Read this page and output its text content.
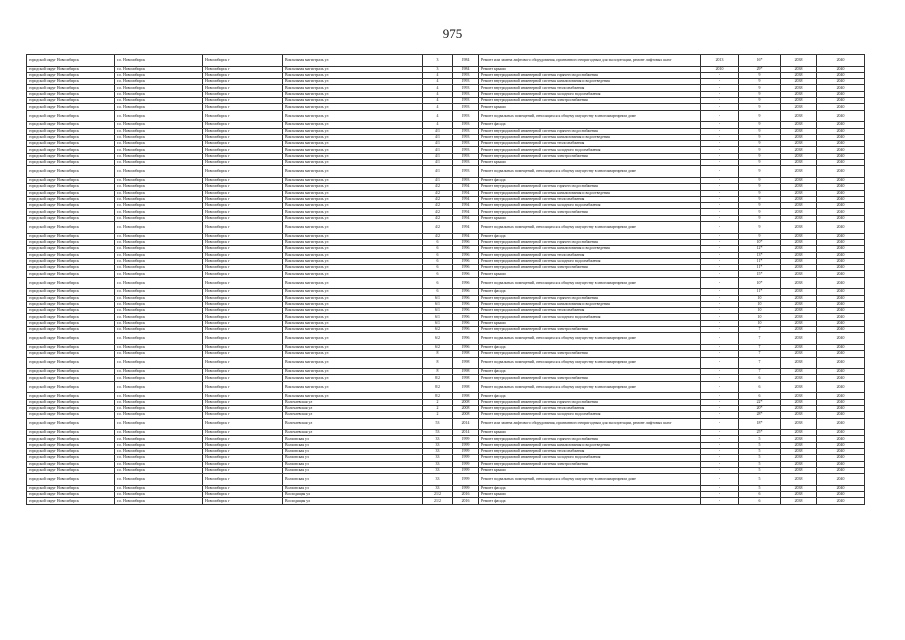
975
городской округ Новосибирск	г.о. Новосибирск	Новосибирск г	Вокзальная магистраль ул	3	1984	Ремонт или замена лифтового оборудования, признанного непригодным для эксплуатации, ремонт лифтовых шахт	2013	16*	2038	2040
городской округ Новосибирск	г.о. Новосибирск	Новосибирск г	Вокзальная магистраль ул	3	1984	Ремонт крыши	2010	29*	2038	2040
городской округ Новосибирск	г.о. Новосибирск	Новосибирск г	Вокзальная магистраль ул	4	1993	Ремонт внутридомовой инженерной системы горячего водоснабжения	-	9	2038	2040
городской округ Новосибирск	г.о. Новосибирск	Новосибирск г	Вокзальная магистраль ул	4	1993	Ремонт внутридомовой инженерной системы канализования и водоотведения	-	9	2038	2040
городской округ Новосибирск	г.о. Новосибирск	Новосибирск г	Вокзальная магистраль ул	4	1993	Ремонт внутридомовой инженерной системы теплоснабжения	-	9	2038	2040
городской округ Новосибирск	г.о. Новосибирск	Новосибирск г	Вокзальная магистраль ул	4	1993	Ремонт внутридомовой инженерной системы холодного водоснабжения	-	9	2038	2040
городской округ Новосибирск	г.о. Новосибирск	Новосибирск г	Вокзальная магистраль ул	4	1993	Ремонт внутридомовой инженерной системы электроснабжения	-	9	2038	2040
городской округ Новосибирск	г.о. Новосибирск	Новосибирск г	Вокзальная магистраль ул	4	1993	Ремонт крыши	-	9	2038	2040
городской округ Новосибирск	г.о. Новосибирск	Новосибирск г	Вокзальная магистраль ул	4	1993	Ремонт подвальных помещений, относящихся к общему имуществу в многоквартирном доме	-	9	2038	2040
городской округ Новосибирск	г.о. Новосибирск	Новосибирск г	Вокзальная магистраль ул	4	1993	Ремонт фасада	-	9	2038	2040
городской округ Новосибирск	г.о. Новосибирск	Новосибирск г	Вокзальная магистраль ул	4/1	1993	Ремонт внутридомовой инженерной системы горячего водоснабжения	-	9	2038	2040
городской округ Новосибирск	г.о. Новосибирск	Новосибирск г	Вокзальная магистраль ул	4/1	1993	Ремонт внутридомовой инженерной системы канализования и водоотведения	-	9	2038	2040
городской округ Новосибирск	г.о. Новосибирск	Новосибирск г	Вокзальная магистраль ул	4/1	1993	Ремонт внутридомовой инженерной системы теплоснабжения	-	9	2038	2040
городской округ Новосибирск	г.о. Новосибирск	Новосибирск г	Вокзальная магистраль ул	4/1	1993	Ремонт внутридомовой инженерной системы холодного водоснабжения	-	9	2038	2040
городской округ Новосибирск	г.о. Новосибирск	Новосибирск г	Вокзальная магистраль ул	4/1	1993	Ремонт внутридомовой инженерной системы электроснабжения	-	9	2038	2040
городской округ Новосибирск	г.о. Новосибирск	Новосибирск г	Вокзальная магистраль ул	4/1	1993	Ремонт крыши	-	9	2038	2040
городской округ Новосибирск	г.о. Новосибирск	Новосибирск г	Вокзальная магистраль ул	4/1	1993	Ремонт подвальных помещений, относящихся к общему имуществу в многоквартирном доме	-	9	2038	2040
городской округ Новосибирск	г.о. Новосибирск	Новосибирск г	Вокзальная магистраль ул	4/1	1993	Ремонт фасада	-	9	2038	2040
городской округ Новосибирск	г.о. Новосибирск	Новосибирск г	Вокзальная магистраль ул	4/2	1994	Ремонт внутридомовой инженерной системы горячего водоснабжения	-	9	2038	2040
городской округ Новосибирск	г.о. Новосибирск	Новосибирск г	Вокзальная магистраль ул	4/2	1994	Ремонт внутридомовой инженерной системы канализования и водоотведения	-	9	2038	2040
городской округ Новосибирск	г.о. Новосибирск	Новосибирск г	Вокзальная магистраль ул	4/2	1994	Ремонт внутридомовой инженерной системы теплоснабжения	-	9	2038	2040
городской округ Новосибирск	г.о. Новосибирск	Новосибирск г	Вокзальная магистраль ул	4/2	1994	Ремонт внутридомовой инженерной системы холодного водоснабжения	-	9	2038	2040
городской округ Новосибирск	г.о. Новосибирск	Новосибирск г	Вокзальная магистраль ул	4/2	1994	Ремонт внутридомовой инженерной системы электроснабжения	-	9	2038	2040
городской округ Новосибирск	г.о. Новосибирск	Новосибирск г	Вокзальная магистраль ул	4/2	1994	Ремонт крыши	-	9	2038	2040
городской округ Новосибирск	г.о. Новосибирск	Новосибирск г	Вокзальная магистраль ул	4/2	1994	Ремонт подвальных помещений, относящихся к общему имуществу в многоквартирном доме	-	9	2038	2040
городской округ Новосибирск	г.о. Новосибирск	Новосибирск г	Вокзальная магистраль ул	4/2	1994	Ремонт фасада	-	9	2038	2040
городской округ Новосибирск	г.о. Новосибирск	Новосибирск г	Вокзальная магистраль ул	6	1996	Ремонт внутридомовой инженерной системы горячего водоснабжения	-	10*	2038	2040
городской округ Новосибирск	г.о. Новосибирск	Новосибирск г	Вокзальная магистраль ул	6	1996	Ремонт внутридомовой инженерной системы канализования и водоотведения	-	12*	2038	2040
городской округ Новосибирск	г.о. Новосибирск	Новосибирск г	Вокзальная магистраль ул	6	1996	Ремонт внутридомовой инженерной системы теплоснабжения	-	13*	2038	2040
городской округ Новосибирск	г.о. Новосибирск	Новосибирск г	Вокзальная магистраль ул	6	1996	Ремонт внутридомовой инженерной системы холодного водоснабжения	-	11*	2038	2040
городской округ Новосибирск	г.о. Новосибирск	Новосибирск г	Вокзальная магистраль ул	6	1996	Ремонт внутридомовой инженерной системы электроснабжения	-	11*	2038	2040
городской округ Новосибирск	г.о. Новосибирск	Новосибирск г	Вокзальная магистраль ул	6	1996	Ремонт крыши	-	15*	2038	2040
городской округ Новосибирск	г.о. Новосибирск	Новосибирск г	Вокзальная магистраль ул	6	1996	Ремонт подвальных помещений, относящихся к общему имуществу в многоквартирном доме	-	10*	2038	2040
городской округ Новосибирск	г.о. Новосибирск	Новосибирск г	Вокзальная магистраль ул	6	1996	Ремонт фасада	-	11*	2038	2040
городской округ Новосибирск	г.о. Новосибирск	Новосибирск г	Вокзальная магистраль ул	6/1	1996	Ремонт внутридомовой инженерной системы горячего водоснабжения	-	10	2038	2040
городской округ Новосибирск	г.о. Новосибирск	Новосибирск г	Вокзальная магистраль ул	6/1	1996	Ремонт внутридомовой инженерной системы канализования и водоотведения	-	10	2038	2040
городской округ Новосибирск	г.о. Новосибирск	Новосибирск г	Вокзальная магистраль ул	6/1	1996	Ремонт внутридомовой инженерной системы теплоснабжения	-	10	2038	2040
городской округ Новосибирск	г.о. Новосибирск	Новосибирск г	Вокзальная магистраль ул	6/1	1996	Ремонт внутридомовой инженерной системы холодного водоснабжения	-	10	2038	2040
городской округ Новосибирск	г.о. Новосибирск	Новосибирск г	Вокзальная магистраль ул	6/1	1996	Ремонт крыши	-	10	2038	2040
городской округ Новосибирск	г.о. Новосибирск	Новосибирск г	Вокзальная магистраль ул	6/2	1996	Ремонт внутридомовой инженерной системы электроснабжения	-	7	2038	2040
городской округ Новосибирск	г.о. Новосибирск	Новосибирск г	Вокзальная магистраль ул	6/2	1996	Ремонт подвальных помещений, относящихся к общему имуществу в многоквартирном доме	-	7	2038	2040
городской округ Новосибирск	г.о. Новосибирск	Новосибирск г	Вокзальная магистраль ул	6/2	1996	Ремонт фасада	-	7	2038	2040
городской округ Новосибирск	г.о. Новосибирск	Новосибирск г	Вокзальная магистраль ул	8	1998	Ремонт внутридомовой инженерной системы электроснабжения	-	7	2038	2040
городской округ Новосибирск	г.о. Новосибирск	Новосибирск г	Вокзальная магистраль ул	8	1998	Ремонт подвальных помещений, относящихся к общему имуществу в многоквартирном доме	-	7	2038	2040
городской округ Новосибирск	г.о. Новосибирск	Новосибирск г	Вокзальная магистраль ул	8	1998	Ремонт фасада	-	7	2038	2040
городской округ Новосибирск	г.о. Новосибирск	Новосибирск г	Вокзальная магистраль ул	8/2	1998	Ремонт внутридомовой инженерной системы электроснабжения	-	6	2038	2040
городской округ Новосибирск	г.о. Новосибирск	Новосибирск г	Вокзальная магистраль ул	8/2	1998	Ремонт подвальных помещений, относящихся к общему имуществу в многоквартирном доме	-	6	2038	2040
городской округ Новосибирск	г.о. Новосибирск	Новосибирск г	Вокзальная магистраль ул	8/2	1998	Ремонт фасада	-	6	2038	2040
городской округ Новосибирск	г.о. Новосибирск	Новосибирск г	Волочаевская ул	2	2008	Ремонт внутридомовой инженерной системы горячего водоснабжения	-	22*	2038	2040
городской округ Новосибирск	г.о. Новосибирск	Новосибирск г	Волочаевская ул	2	2008	Ремонт внутридомовой инженерной системы теплоснабжения	-	20*	2038	2040
городской округ Новосибирск	г.о. Новосибирск	Новосибирск г	Волочаевская ул	2	2008	Ремонт внутридомовой инженерной системы холодного водоснабжения	-	28*	2038	2040
городской округ Новосибирск	г.о. Новосибирск	Новосибирск г	Волочаевская ул	53	2014	Ремонт или замена лифтового оборудования, признанного непригодным для эксплуатации, ремонт лифтовых шахт	-	18*	2038	2040
городской округ Новосибирск	г.о. Новосибирск	Новосибирск г	Волочаевская ул	53	2014	Ремонт крыши	-	25*	2038	2040
городской округ Новосибирск	г.о. Новосибирск	Новосибирск г	Волховская ул	33	1999	Ремонт внутридомовой инженерной системы горячего водоснабжения	-	5	2038	2040
городской округ Новосибирск	г.о. Новосибирск	Новосибирск г	Волховская ул	33	1999	Ремонт внутридомовой инженерной системы канализования и водоотведения	-	5	2038	2040
городской округ Новосибирск	г.о. Новосибирск	Новосибирск г	Волховская ул	33	1999	Ремонт внутридомовой инженерной системы теплоснабжения	-	5	2038	2040
городской округ Новосибирск	г.о. Новосибирск	Новосибирск г	Волховская ул	33	1999	Ремонт внутридомовой инженерной системы холодного водоснабжения	-	5	2038	2040
городской округ Новосибирск	г.о. Новосибирск	Новосибирск г	Волховская ул	33	1999	Ремонт внутридомовой инженерной системы электроснабжения	-	5	2038	2040
городской округ Новосибирск	г.о. Новосибирск	Новосибирск г	Волховская ул	33	1999	Ремонт крыши	-	5	2038	2040
городской округ Новосибирск	г.о. Новосибирск	Новосибирск г	Волховская ул	33	1999	Ремонт подвальных помещений, относящихся к общему имуществу в многоквартирном доме	-	5	2038	2040
городской округ Новосибирск	г.о. Новосибирск	Новосибирск г	Волховская ул	33	1999	Ремонт фасада	-	5	2038	2040
городской округ Новосибирск	г.о. Новосибирск	Новосибирск г	Восходящая ул	21/2	2016	Ремонт крыши	-	6	2038	2040
городской округ Новосибирск	г.о. Новосибирск	Новосибирск г	Восходящая ул	21/2	2016	Ремонт фасада	-	6	2038	2040
